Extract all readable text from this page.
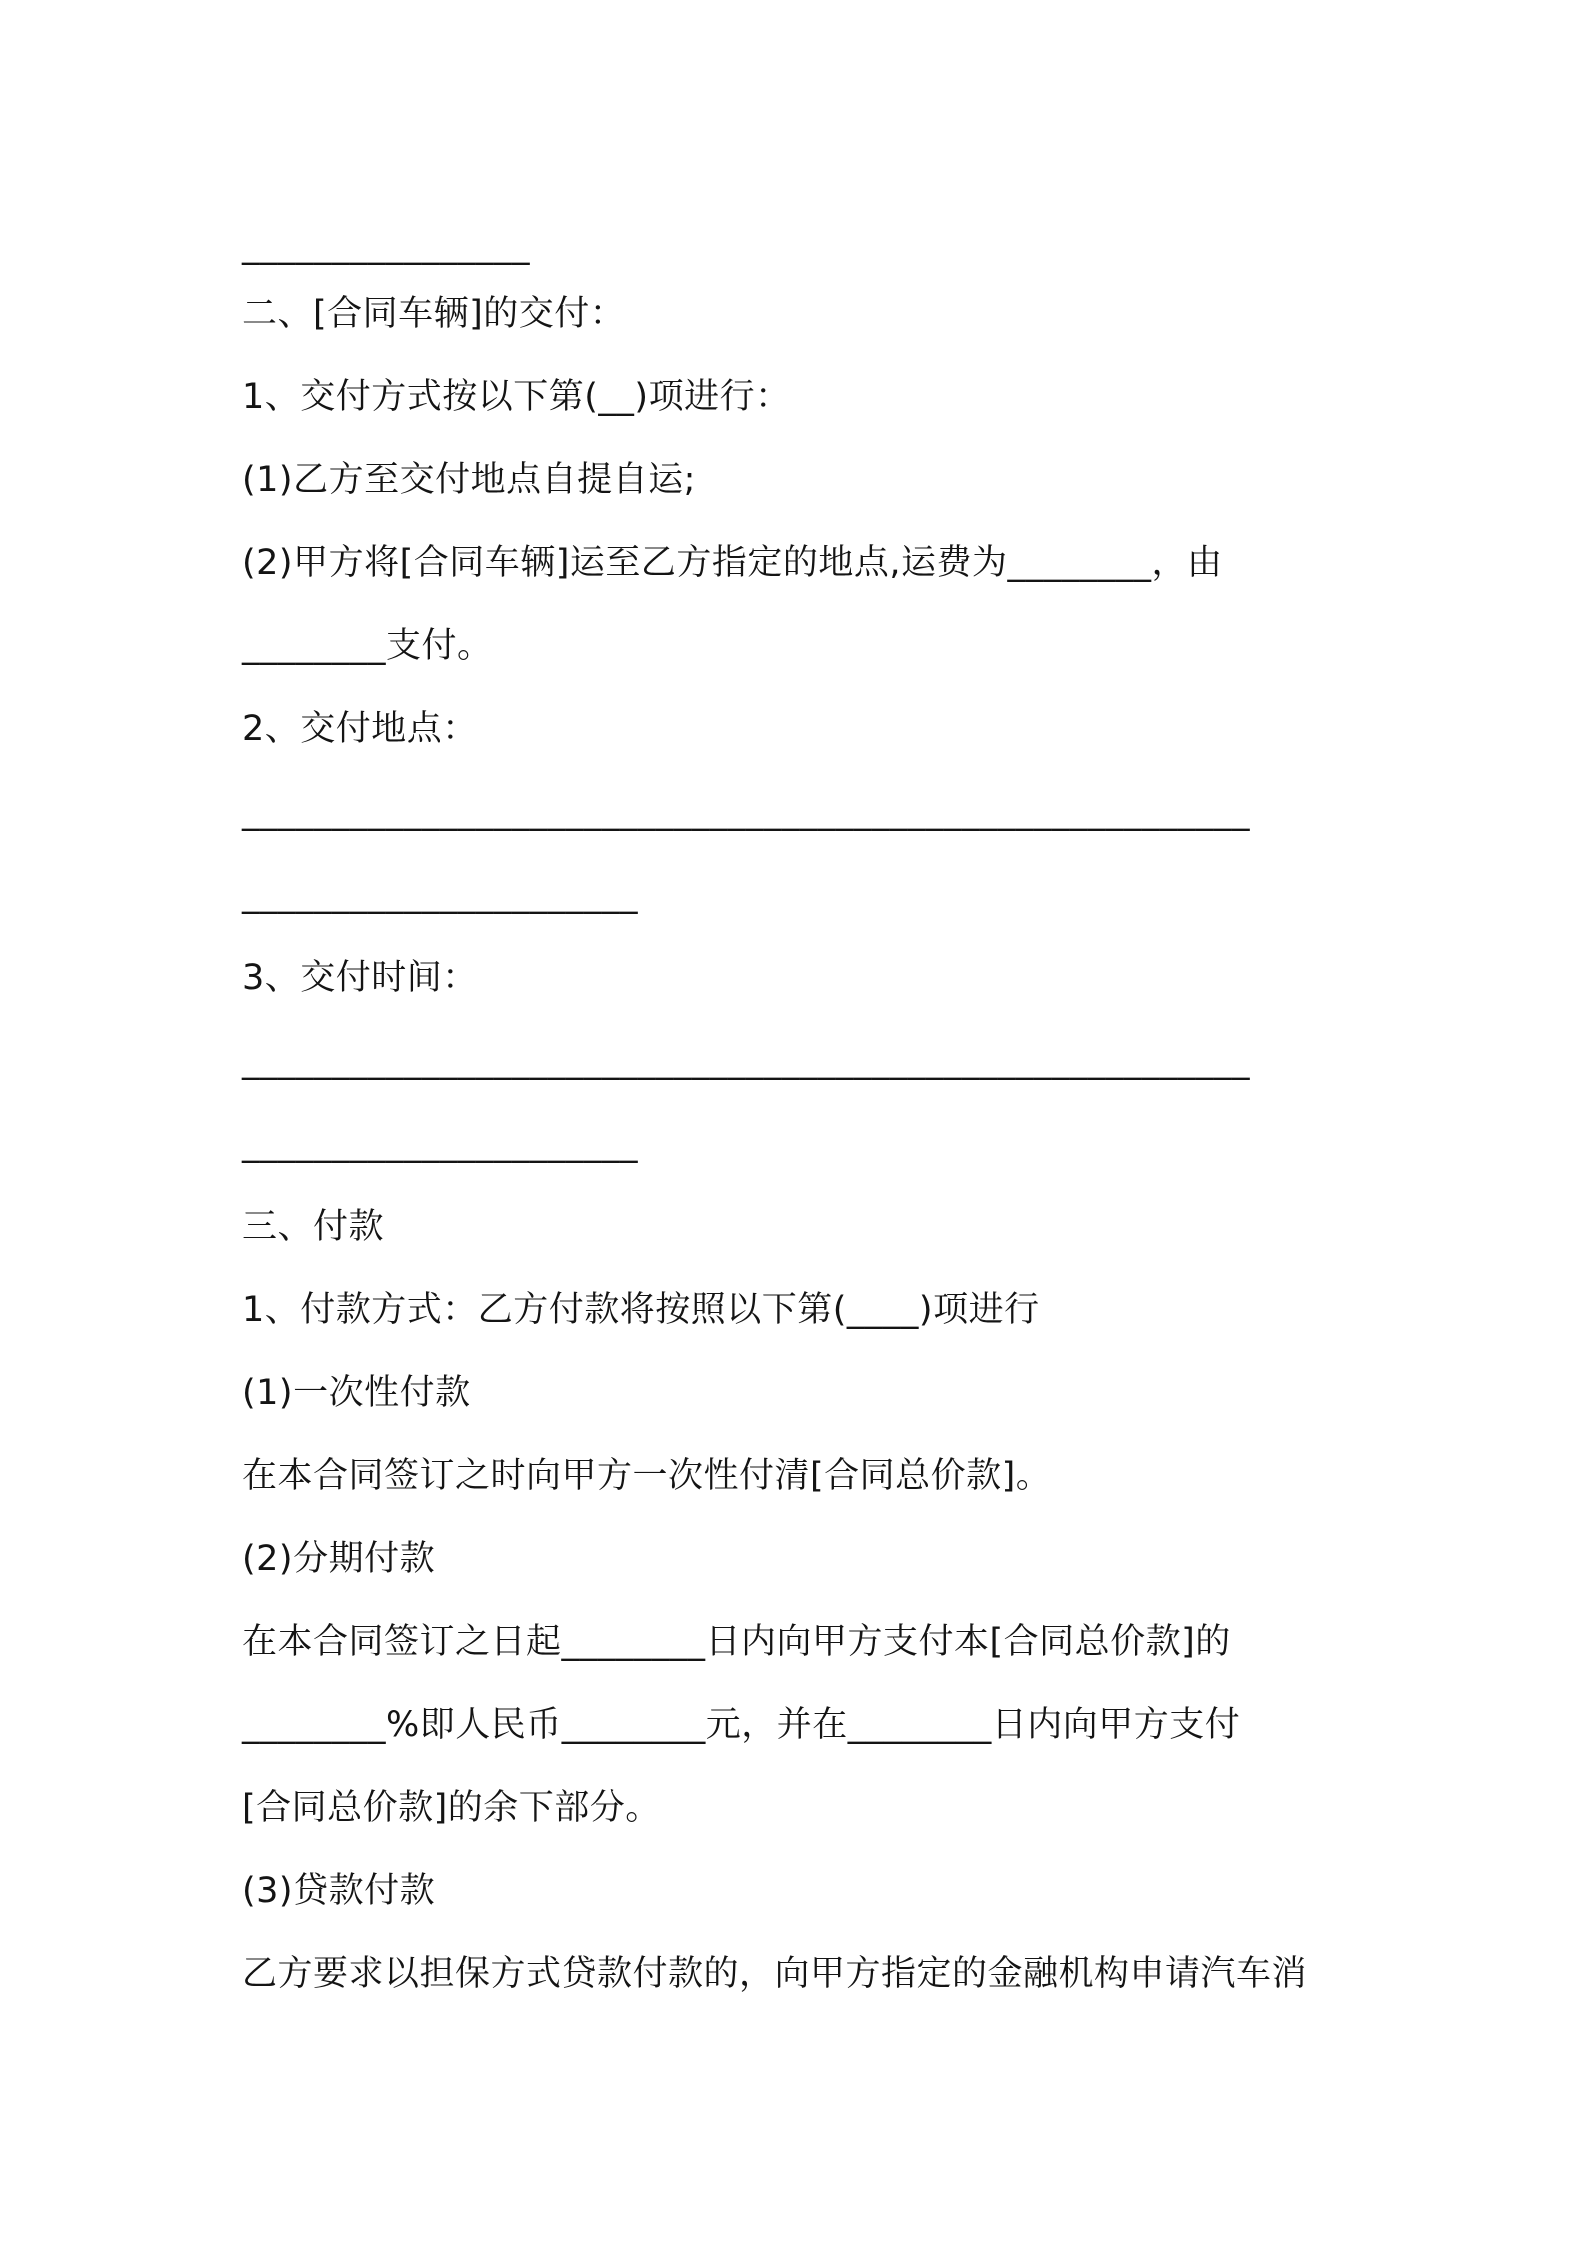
________________
二、[合同车辆]的交付：
1、交付方式按以下第(__)项进行：
(1)乙方至交付地点自提自运;
(2)甲方将[合同车辆]运至乙方指定的地点,运费为________，由
________支付。
2、交付地点：
________________________________________________________
______________________
3、交付时间：
________________________________________________________
______________________
三、付款
1、付款方式：乙方付款将按照以下第(____)项进行
(1)一次性付款
在本合同签订之时向甲方一次性付清[合同总价款]。
(2)分期付款
在本合同签订之日起________日内向甲方支付本[合同总价款]的
________%即人民币________元，并在________日内向甲方支付
[合同总价款]的余下部分。
(3)贷款付款
乙方要求以担保方式贷款付款的，向甲方指定的金融机构申请汽车消
